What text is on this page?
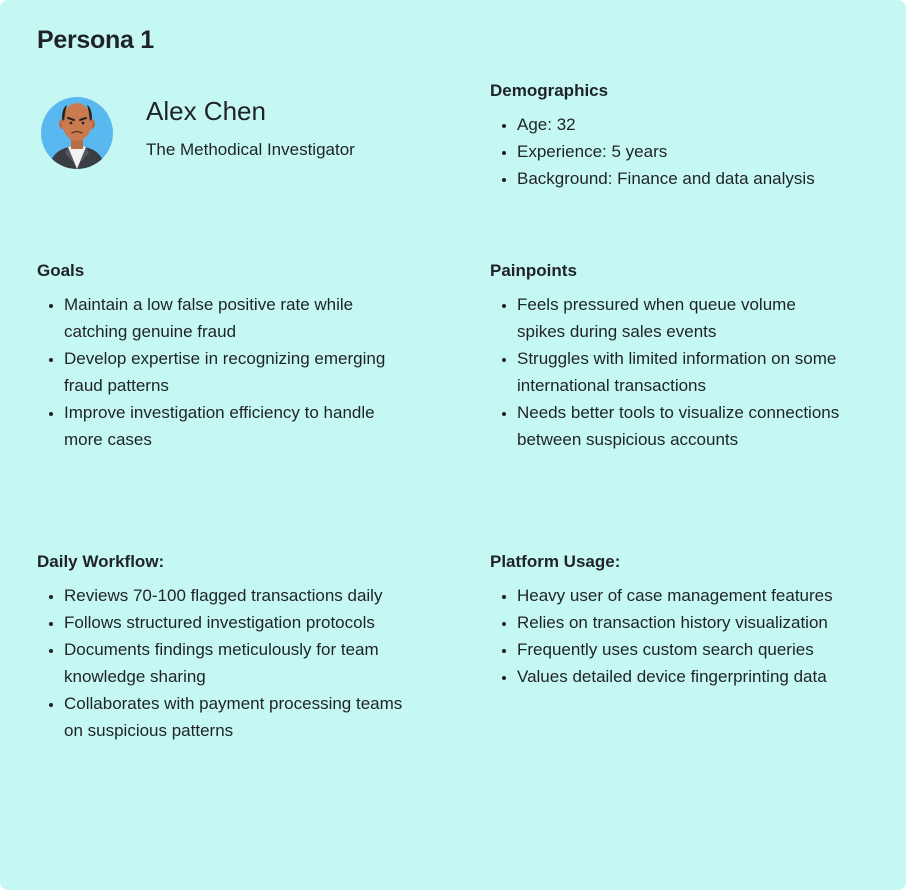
Persona 1
Alex Chen

The Methodical Investigator

Demographics
• Age: 32
• Experience: 5 years
• Background: Finance and data analysis
Goals
• Maintain a low false positive rate while catching genuine fraud
• Develop expertise in recognizing emerging fraud patterns
• Improve investigation efficiency to handle more cases
Painpoints
• Feels pressured when queue volume spikes during sales events
• Struggles with limited information on some international transactions
• Needs better tools to visualize connections between suspicious accounts
Daily Workflow:
• Reviews 70-100 flagged transactions daily
• Follows structured investigation protocols
• Documents findings meticulously for team knowledge sharing
• Collaborates with payment processing teams on suspicious patterns
Platform Usage:
• Heavy user of case management features
• Relies on transaction history visualization
• Frequently uses custom search queries
• Values detailed device fingerprinting data
